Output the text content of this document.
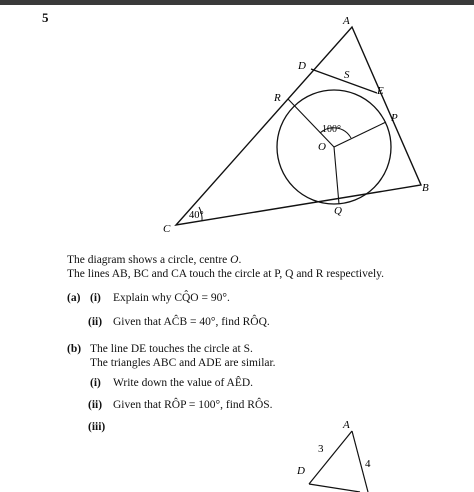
5	A
D
S
E
R
P
O
B
Q
C
40°
100°
A
D
3
4
The diagram shows a circle, centre O.
The lines AB, BC and CA touch the circle at P, Q and R respectively.
(a) (i) Explain why CQ̂O = 90°.
(ii) Given that AĈB = 40°, find RÔQ.
(b) The line DE touches the circle at S.
The triangles ABC and ADE are similar.
(i) Write down the value of AÊD.
(ii) Given that RÔP = 100°, find RÔS.
(iii)
